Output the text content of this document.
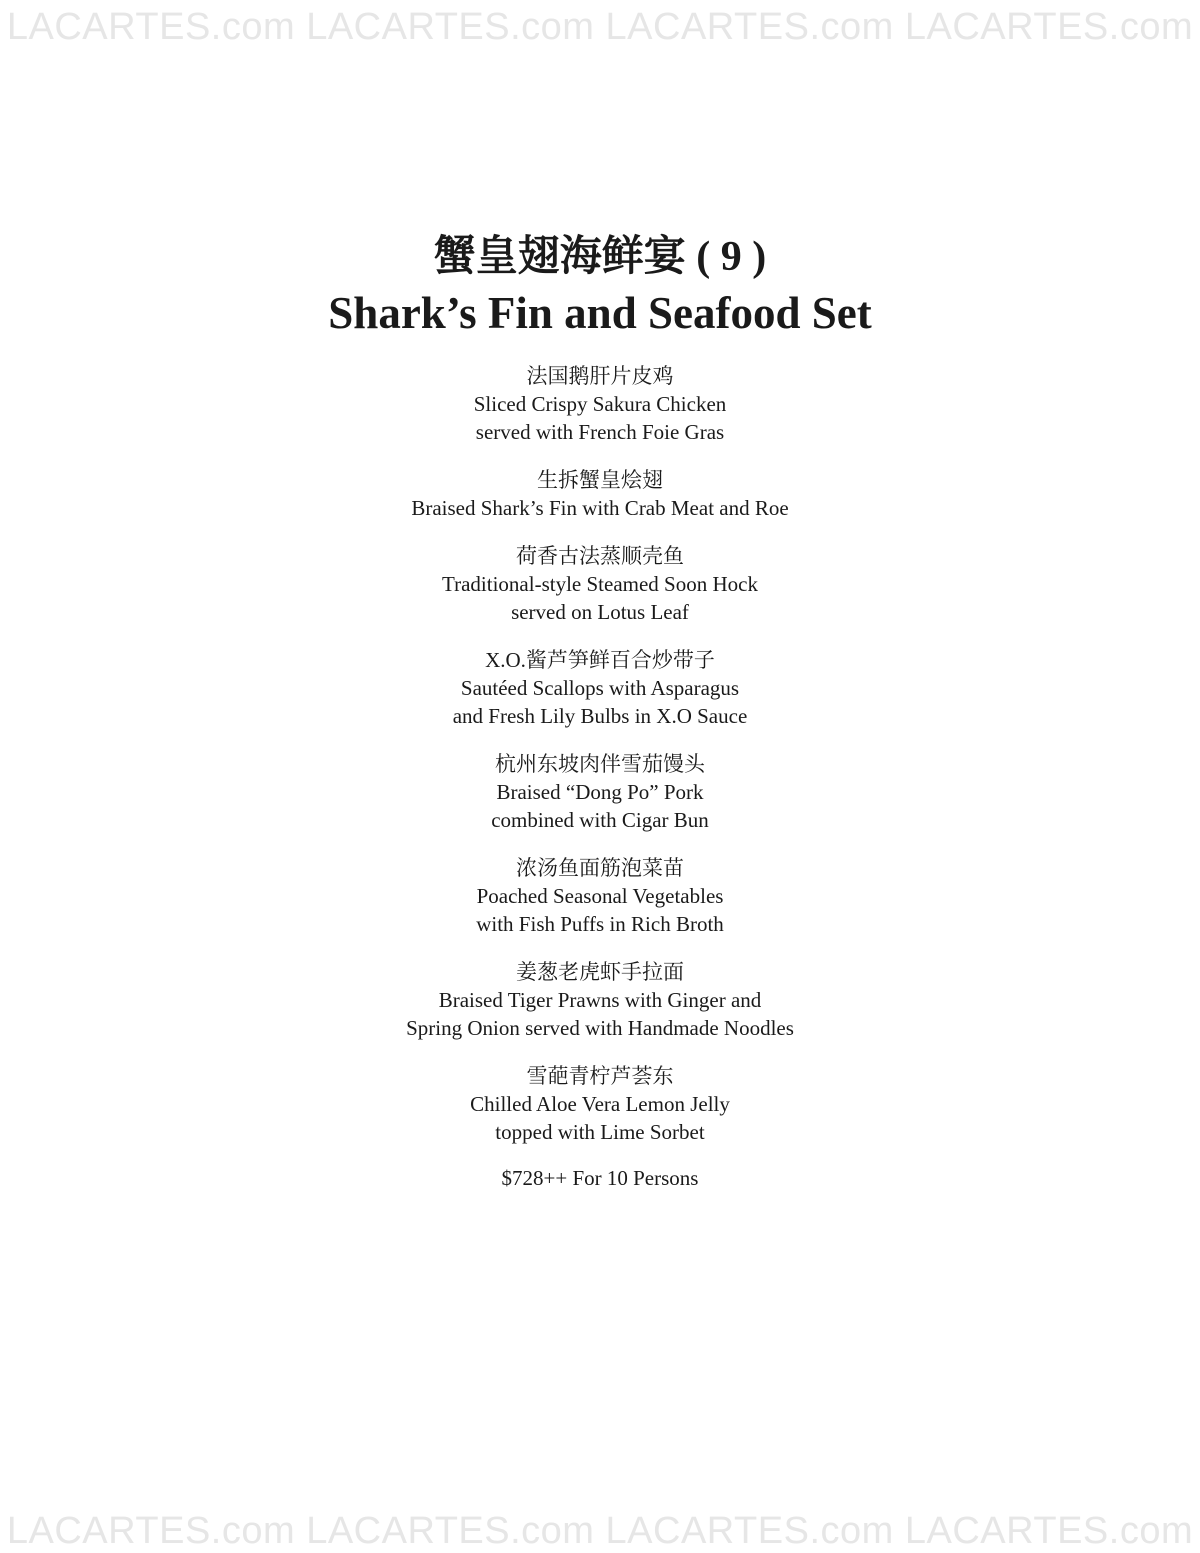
LACARTES.com LACARTES.com LACARTES.com LACARTES.com
蟹皇翅海鲜宴 ( 9 )
Shark’s Fin and Seafood Set
法国鹅肝片皮鸡
Sliced Crispy Sakura Chicken
served with French Foie Gras
生拆蟹皇烩翅
Braised Shark’s Fin with Crab Meat and Roe
荷香古法蒸顺壳鱼
Traditional-style Steamed Soon Hock
served on Lotus Leaf
X.O.酱芦笋鲜百合炒带子
Sautéed Scallops with Asparagus
and Fresh Lily Bulbs in X.O Sauce
杭州东坡肉伴雪茄馒头
Braised “Dong Po” Pork
combined with Cigar Bun
浓汤鱼面筋泡菜苗
Poached Seasonal Vegetables
with Fish Puffs in Rich Broth
姜葱老虎虾手拉面
Braised Tiger Prawns with Ginger and
Spring Onion served with Handmade Noodles
雪葩青柠芦荟东
Chilled Aloe Vera Lemon Jelly
topped with Lime Sorbet
$728++ For 10 Persons
LACARTES.com LACARTES.com LACARTES.com LACARTES.com
